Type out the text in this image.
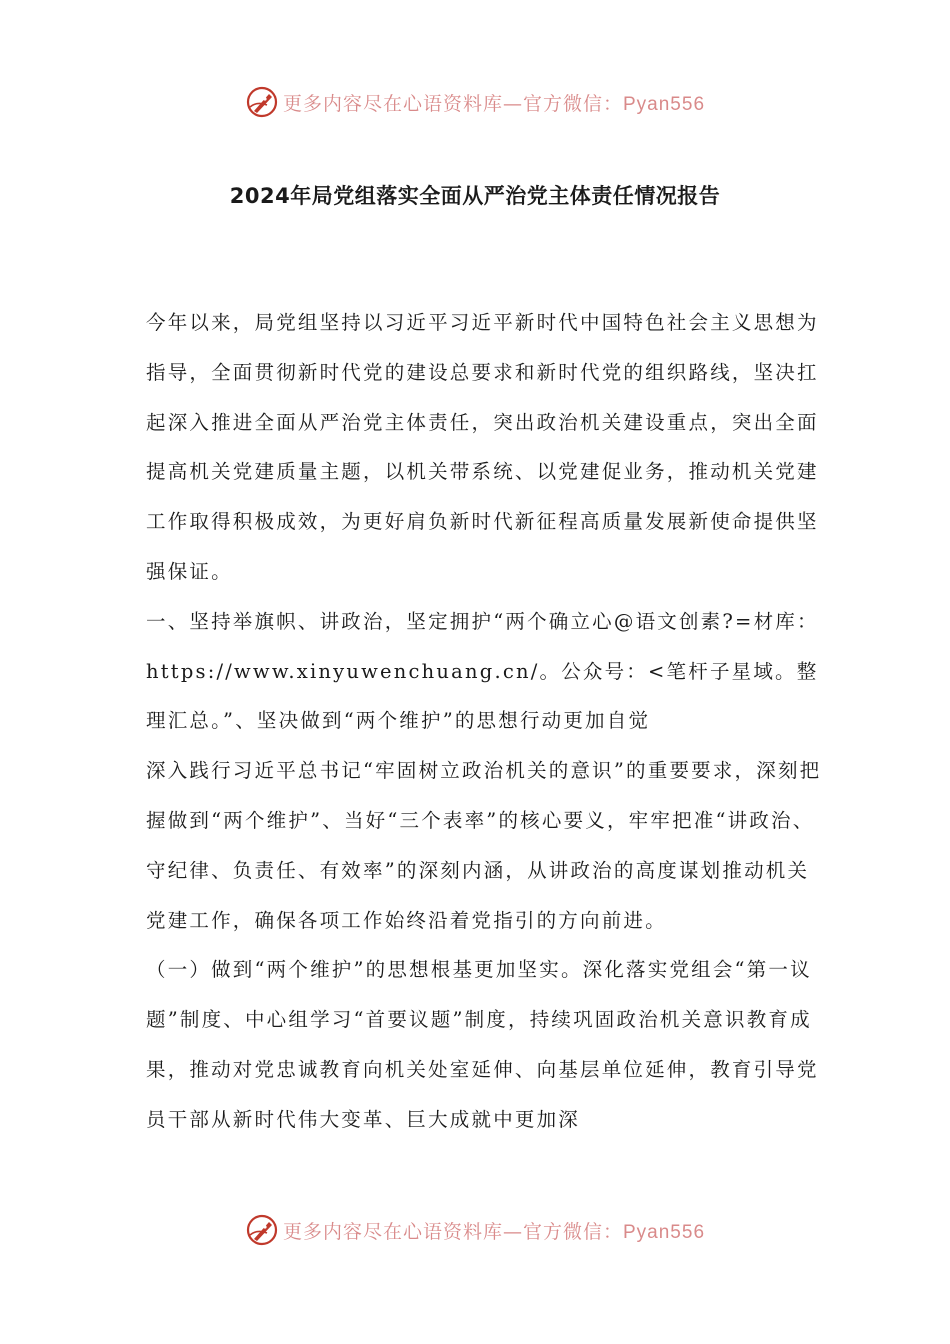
更多内容尽在心语资料库—官方微信：Pyan556
2024年局党组落实全面从严治党主体责任情况报告

今年以来，局党组坚持以习近平习近平新时代中国特色社会主义思想为指导，全面贯彻新时代党的建设总要求和新时代党的组织路线，坚决扛起深入推进全面从严治党主体责任，突出政治机关建设重点，突出全面提高机关党建质量主题，以机关带系统、以党建促业务，推动机关党建工作取得积极成效，为更好肩负新时代新征程高质量发展新使命提供坚强保证。

一、坚持举旗帜、讲政治，坚定拥护“两个确立心@语文创素?=材库：https://www.xinyuwenchuang.cn/。公众号：<笔杆子星域。整理汇总。”、坚决做到“两个维护”的思想行动更加自觉

深入践行习近平总书记“牢固树立政治机关的意识”的重要要求，深刻把握做到“两个维护”、当好“三个表率”的核心要义，牢牢把准“讲政治、守纪律、负责任、有效率”的深刻内涵，从讲政治的高度谋划推动机关党建工作，确保各项工作始终沿着党指引的方向前进。

（一）做到“两个维护”的思想根基更加坚实。深化落实党组会“第一议题”制度、中心组学习“首要议题”制度，持续巩固政治机关意识教育成果，推动对党忠诚教育向机关处室延伸、向基层单位延伸，教育引导党员干部从新时代伟大变革、巨大成就中更加深

更多内容尽在心语资料库—官方微信：Pyan556
